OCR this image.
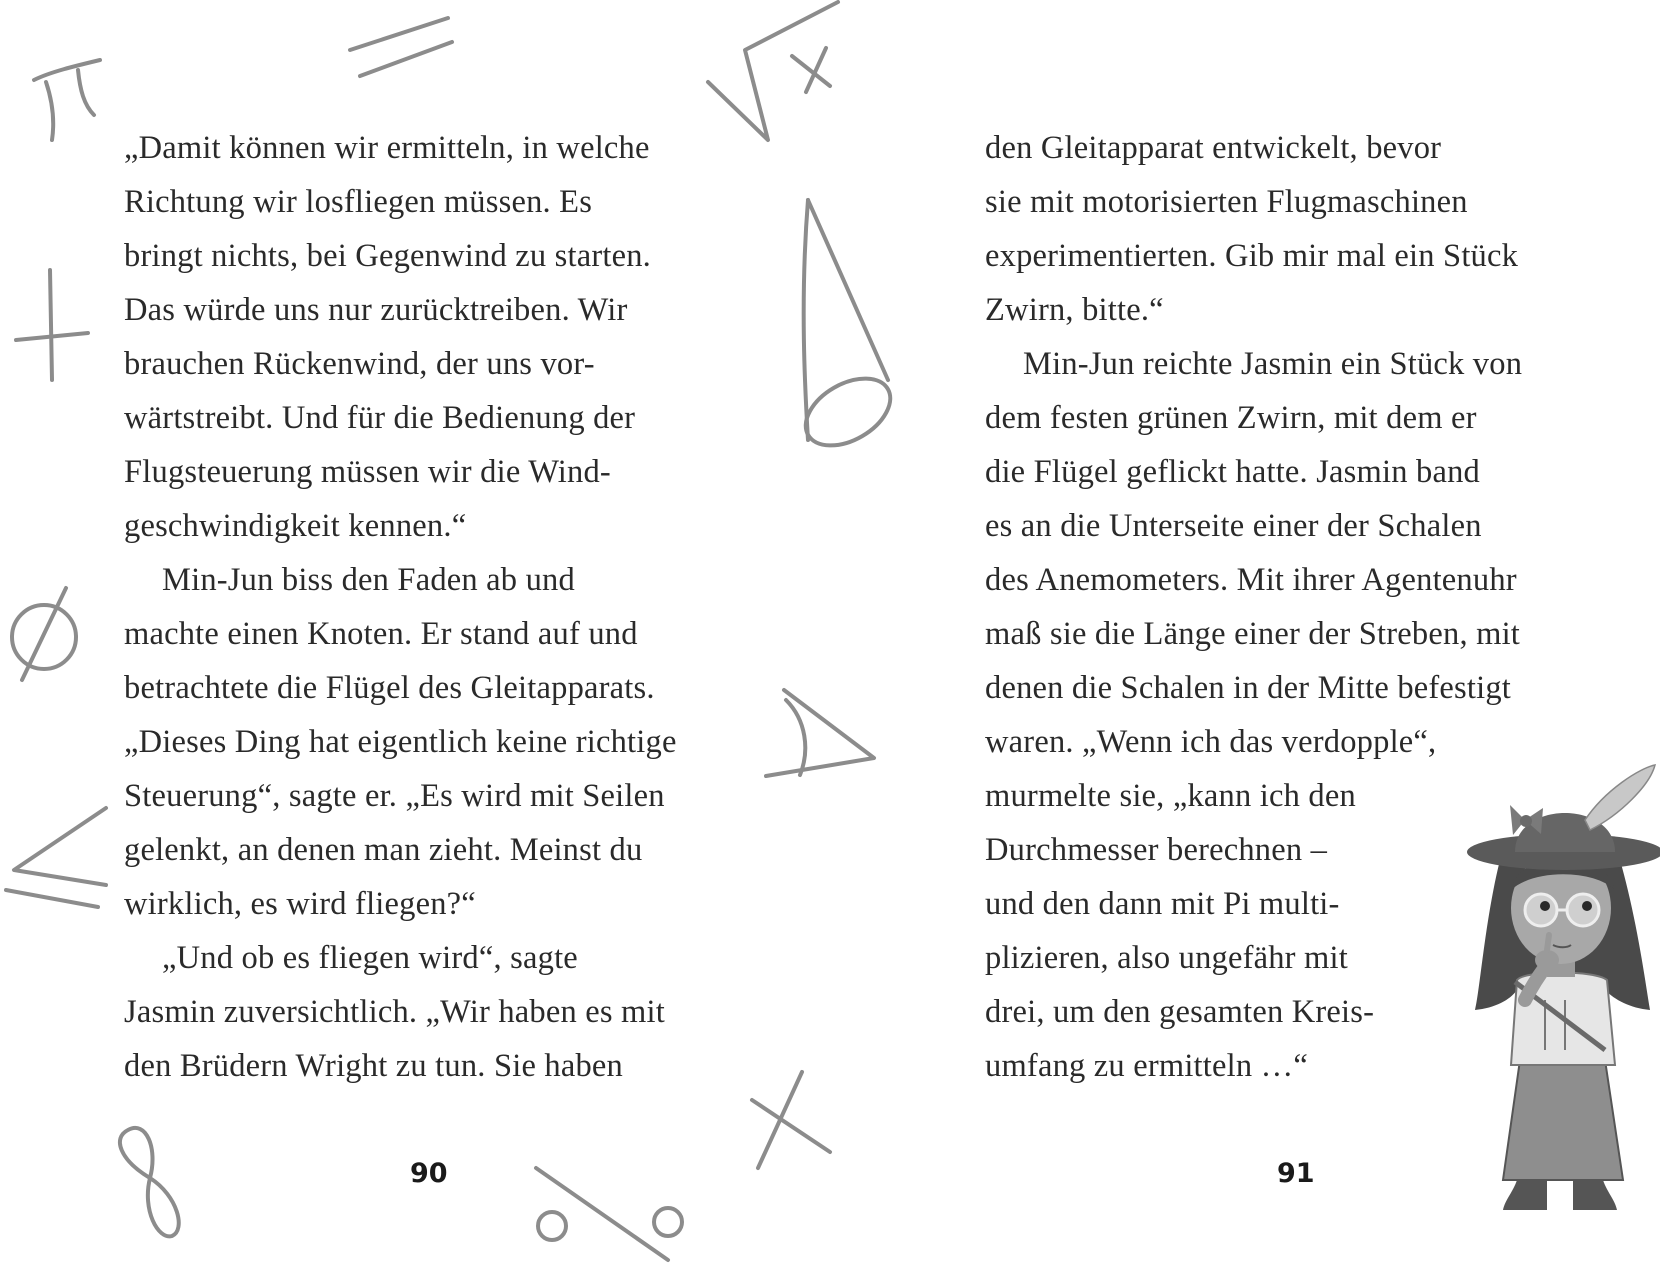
„Damit können wir ermitteln, in welche
Richtung wir losfliegen müssen. Es
bringt nichts, bei Gegenwind zu starten.
Das würde uns nur zurücktreiben. Wir
brauchen Rückenwind, der uns vor-
wärtstreibt. Und für die Bedienung der
Flugsteuerung müssen wir die Wind-
geschwindigkeit kennen.“
Min-Jun biss den Faden ab und
machte einen Knoten. Er stand auf und
betrachtete die Flügel des Gleitapparats.
„Dieses Ding hat eigentlich keine richtige
Steuerung“, sagte er. „Es wird mit Seilen
gelenkt, an denen man zieht. Meinst du
wirklich, es wird fliegen?“
„Und ob es fliegen wird“, sagte
Jasmin zuversichtlich. „Wir haben es mit
den Brüdern Wright zu tun. Sie haben
den Gleitapparat entwickelt, bevor
sie mit motorisierten Flugmaschinen
experimentierten. Gib mir mal ein Stück
Zwirn, bitte.“
Min-Jun reichte Jasmin ein Stück von
dem festen grünen Zwirn, mit dem er
die Flügel geflickt hatte. Jasmin band
es an die Unterseite einer der Schalen
des Anemometers. Mit ihrer Agentenuhr
maß sie die Länge einer der Streben, mit
denen die Schalen in der Mitte befestigt
waren. „Wenn ich das verdopple“,
murmelte sie, „kann ich den
Durchmesser berechnen –
und den dann mit Pi multi-
plizieren, also ungefähr mit
drei, um den gesamten Kreis-
umfang zu ermitteln …“
90	91
